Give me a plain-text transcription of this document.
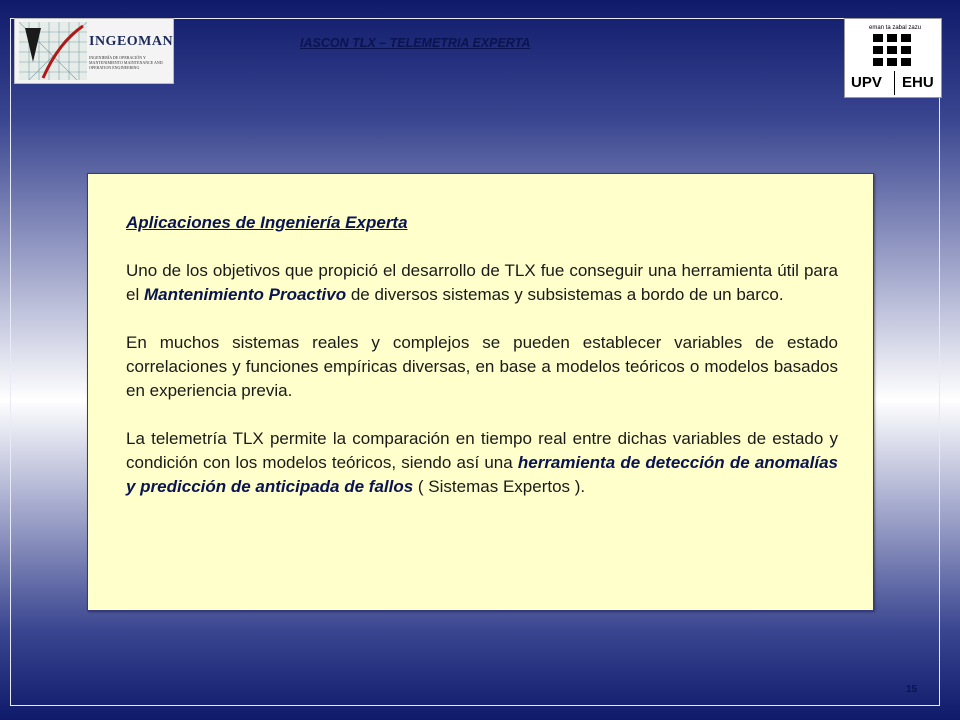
INGEOMAN
INGENIERÍA DE OPERACIÓN Y MANTENIMIENTO MAINTENANCE AND OPERATION ENGINEERING
IASCON TLX – TELEMETRIA EXPERTA
eman ta zabal zazu
UPV EHU
Aplicaciones de Ingeniería Experta

Uno de los objetivos que propició el desarrollo de TLX fue conseguir una herramienta útil para el Mantenimiento Proactivo de diversos sistemas y subsistemas a bordo de un barco.

En muchos sistemas reales y complejos se pueden establecer variables de estado correlaciones y funciones empíricas diversas, en base a modelos teóricos o modelos basados en experiencia previa.

La telemetría TLX permite la comparación en tiempo real entre dichas variables de estado y condición con los modelos teóricos, siendo así una herramienta de detección de anomalías y predicción de anticipada de fallos ( Sistemas Expertos ).

15
